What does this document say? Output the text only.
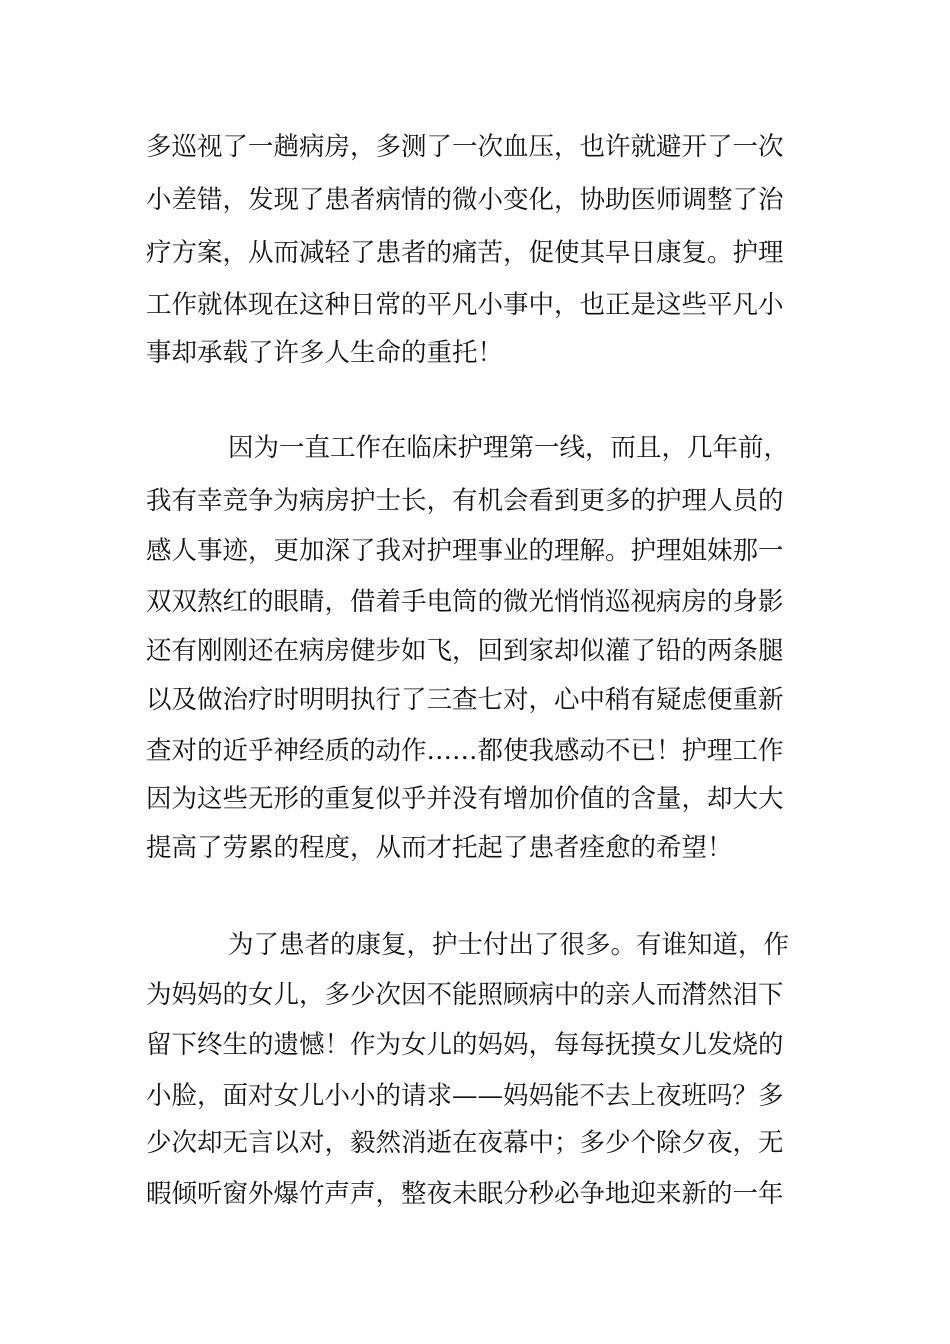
多巡视了一趟病房，多测了一次血压，也许就避开了一次
小差错，发现了患者病情的微小变化，协助医师调整了治
疗方案，从而减轻了患者的痛苦，促使其早日康复。护理
工作就体现在这种日常的平凡小事中，也正是这些平凡小
事却承载了许多人生命的重托！
因为一直工作在临床护理第一线，而且，几年前，
我有幸竞争为病房护士长，有机会看到更多的护理人员的
感人事迹，更加深了我对护理事业的理解。护理姐妹那一
双双熬红的眼睛，借着手电筒的微光悄悄巡视病房的身影
还有刚刚还在病房健步如飞，回到家却似灌了铅的两条腿
以及做治疗时明明执行了三查七对，心中稍有疑虑便重新
查对的近乎神经质的动作……都使我感动不已！护理工作
因为这些无形的重复似乎并没有增加价值的含量，却大大
提高了劳累的程度，从而才托起了患者痊愈的希望！
为了患者的康复，护士付出了很多。有谁知道，作
为妈妈的女儿，多少次因不能照顾病中的亲人而潸然泪下
留下终生的遗憾！作为女儿的妈妈，每每抚摸女儿发烧的
小脸，面对女儿小小的请求——妈妈能不去上夜班吗？多
少次却无言以对，毅然消逝在夜幕中；多少个除夕夜，无
暇倾听窗外爆竹声声，整夜未眠分秒必争地迎来新的一年
